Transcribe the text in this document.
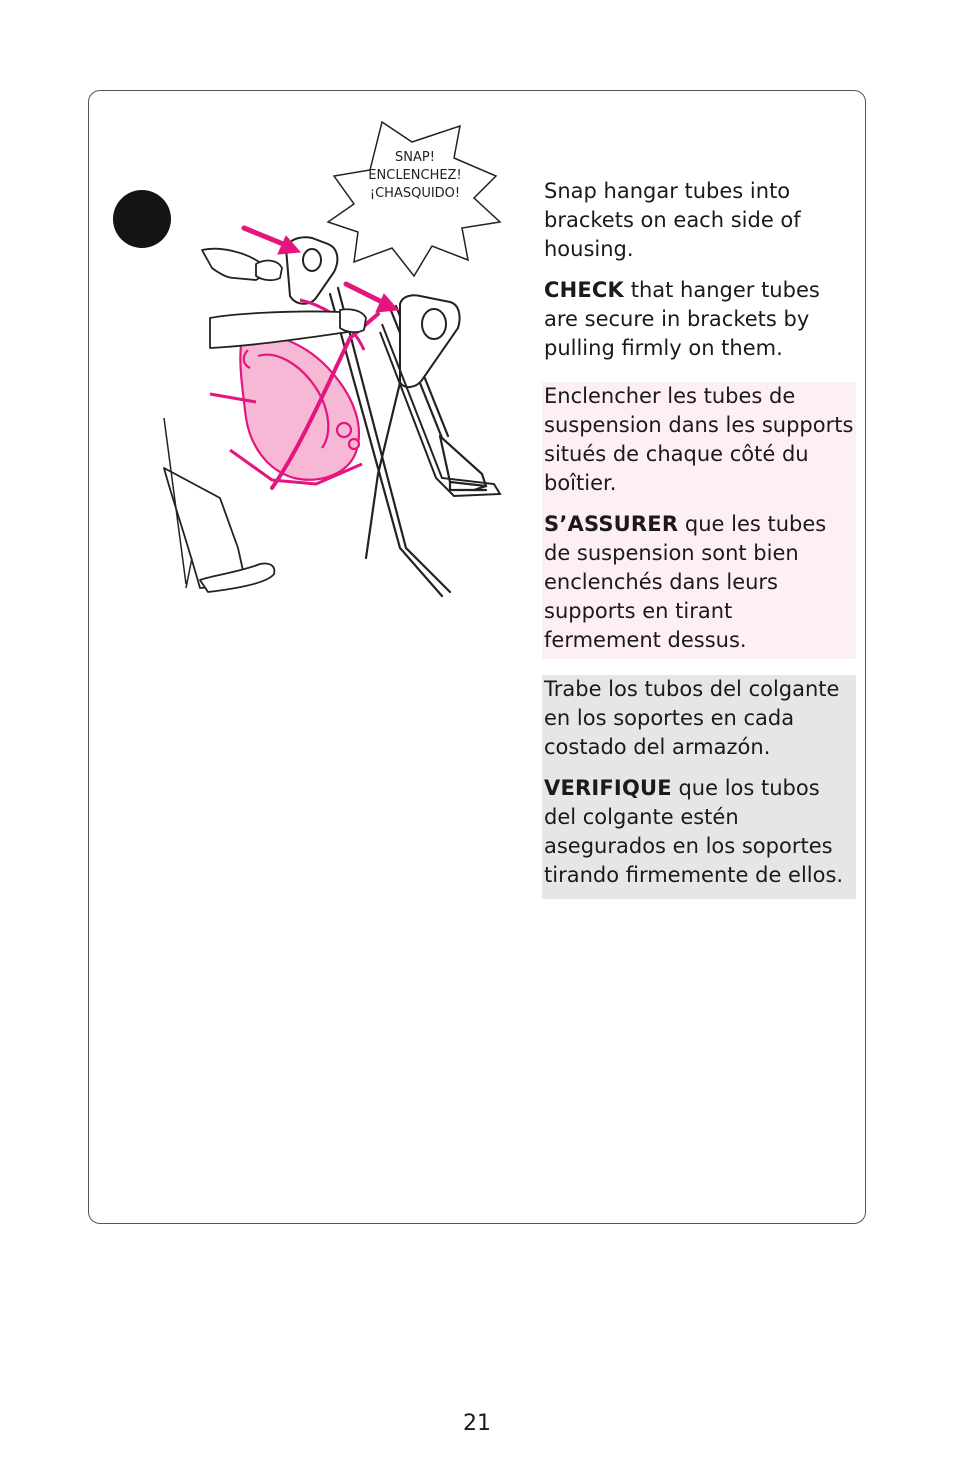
SNAP!
ENCLENCHEZ!
¡CHASQUIDO!	Snap hangar tubes into brackets on each side of housing.

CHECK that hanger tubes are secure in brackets by pulling firmly on them.

Enclencher les tubes de suspension dans les supports situés de chaque côté du boîtier.

S’ASSURER que les tubes de suspension sont bien enclenchés dans leurs supports en tirant fermement dessus.

Trabe los tubos del colgante en los soportes en cada costado del armazón.

VERIFIQUE que los tubos del colgante estén asegurados en los soportes tirando firmemente de ellos.

21
